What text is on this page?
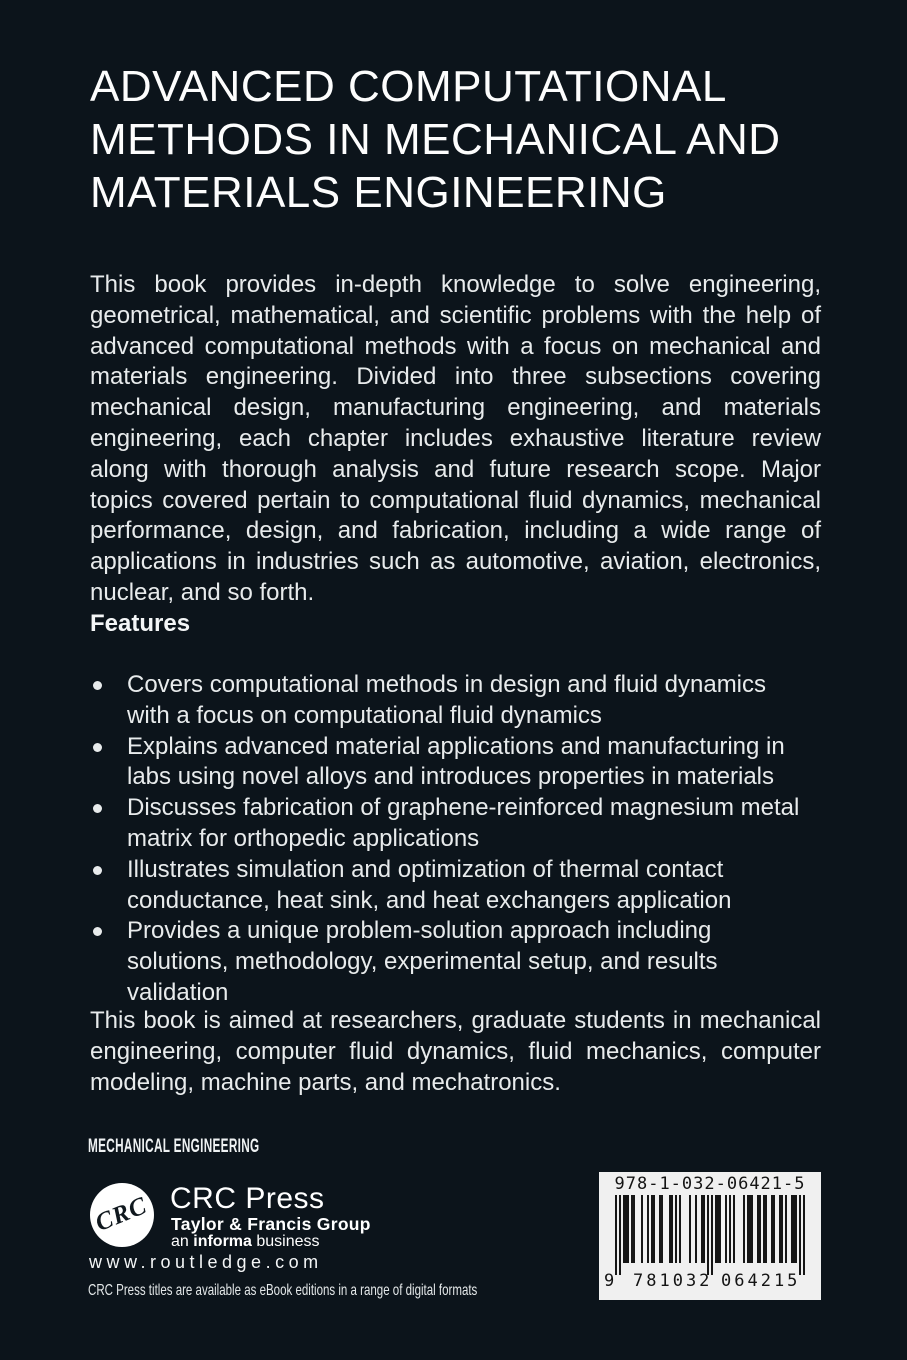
ADVANCED COMPUTATIONAL
METHODS IN MECHANICAL AND
MATERIALS ENGINEERING

This book provides in-depth knowledge to solve engineering, geometrical, mathematical, and scientific problems with the help of advanced computational methods with a focus on mechanical and materials engineering. Divided into three subsections covering mechanical design, manufacturing engineering, and materials engineering, each chapter includes exhaustive literature review along with thorough analysis and future research scope. Major topics covered pertain to computational fluid dynamics, mechanical performance, design, and fabrication, including a wide range of applications in industries such as automotive, aviation, electronics, nuclear, and so forth.

Features
Covers computational methods in design and fluid dynamics with a focus on computational fluid dynamics
Explains advanced material applications and manufacturing in labs using novel alloys and introduces properties in materials
Discusses fabrication of graphene-reinforced magnesium metal matrix for orthopedic applications
Illustrates simulation and optimization of thermal contact conductance, heat sink, and heat exchangers application
Provides a unique problem-solution approach including solutions, methodology, experimental setup, and results validation

This book is aimed at researchers, graduate students in mechanical engineering, computer fluid dynamics, fluid mechanics, computer modeling, machine parts, and mechatronics.

MECHANICAL ENGINEERING
CRC CRC Press
Taylor & Francis Group
an informa business
www.routledge.com
CRC Press titles are available as eBook editions in a range of digital formats
978-1-032-06421-5
9 781032 064215
